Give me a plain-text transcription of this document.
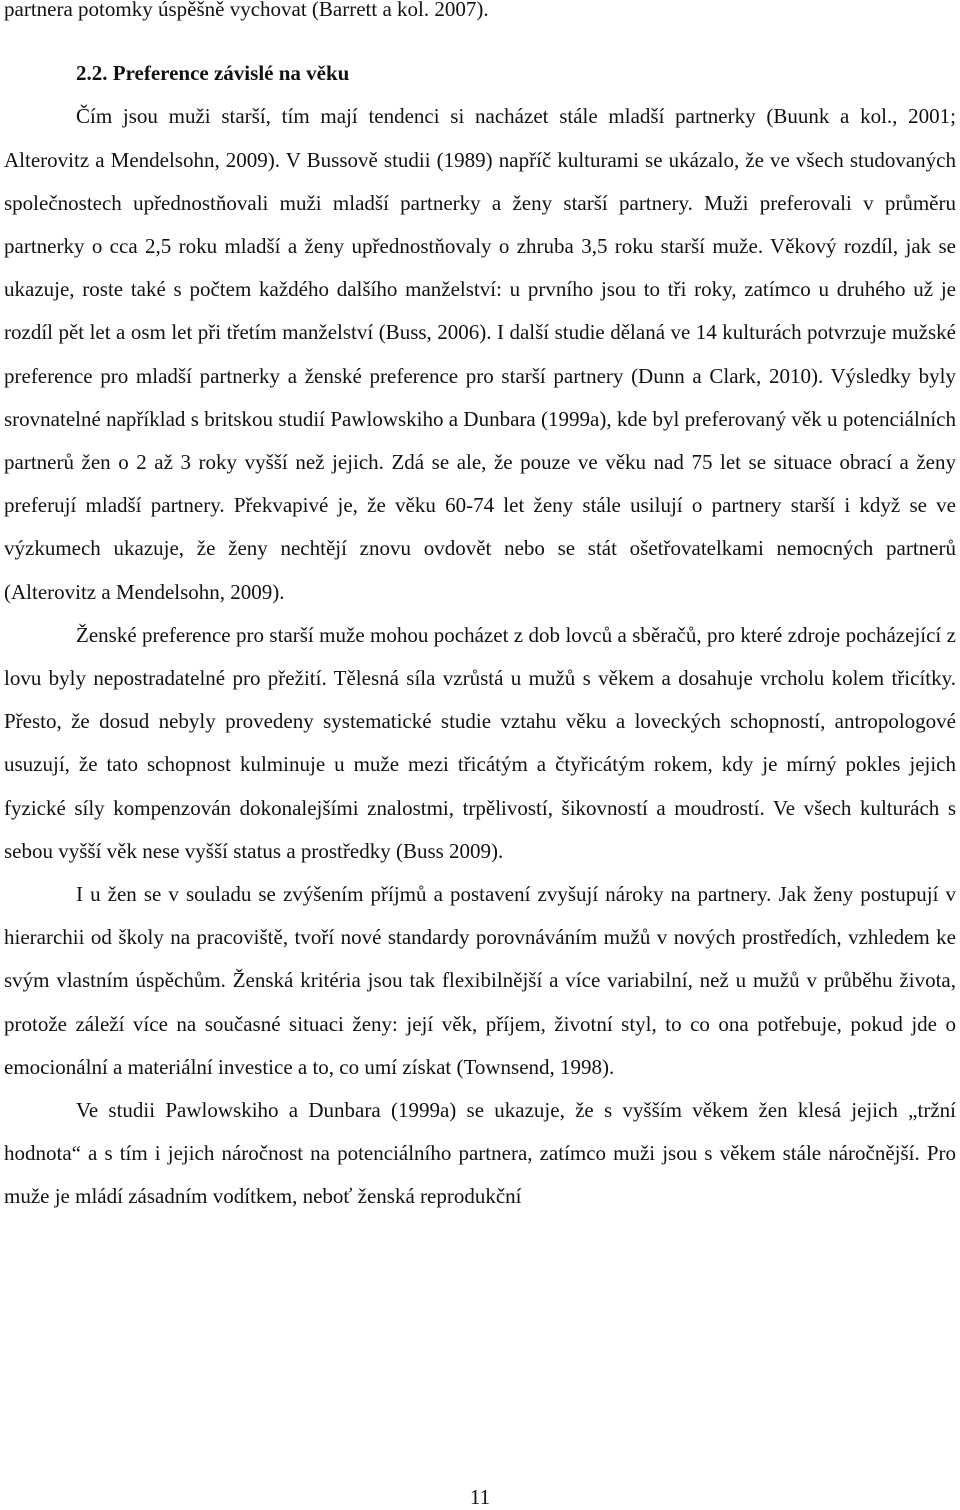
partnera potomky úspěšně vychovat (Barrett a kol. 2007).

2.2. Preference závislé na věku

Čím jsou muži starší, tím mají tendenci si nacházet stále mladší partnerky (Buunk a kol., 2001; Alterovitz a Mendelsohn, 2009). V Bussově studii (1989) napříč kulturami se ukázalo, že ve všech studovaných společnostech upřednostňovali muži mladší partnerky a ženy starší partnery. Muži preferovali v průměru partnerky o cca 2,5 roku mladší a ženy upřednostňovaly o zhruba 3,5 roku starší muže. Věkový rozdíl, jak se ukazuje, roste také s počtem každého dalšího manželství: u prvního jsou to tři roky, zatímco u druhého už je rozdíl pět let a osm let při třetím manželství (Buss, 2006). I další studie dělaná ve 14 kulturách potvrzuje mužské preference pro mladší partnerky a ženské preference pro starší partnery (Dunn a Clark, 2010). Výsledky byly srovnatelné například s britskou studií Pawlowskiho a Dunbara (1999a), kde byl preferovaný věk u potenciálních partnerů žen o 2 až 3 roky vyšší než jejich. Zdá se ale, že pouze ve věku nad 75 let se situace obrací a ženy preferují mladší partnery. Překvapivé je, že věku 60-74 let ženy stále usilují o partnery starší i když se ve výzkumech ukazuje, že ženy nechtějí znovu ovdovět nebo se stát ošetřovatelkami nemocných partnerů (Alterovitz a Mendelsohn, 2009).

Ženské preference pro starší muže mohou pocházet z dob lovců a sběračů, pro které zdroje pocházející z lovu byly nepostradatelné pro přežití. Tělesná síla vzrůstá u mužů s věkem a dosahuje vrcholu kolem třicítky. Přesto, že dosud nebyly provedeny systematické studie vztahu věku a loveckých schopností, antropologové usuzují, že tato schopnost kulminuje u muže mezi třicátým a čtyřicátým rokem, kdy je mírný pokles jejich fyzické síly kompenzován dokonalejšími znalostmi, trpělivostí, šikovností a moudrostí. Ve všech kulturách s sebou vyšší věk nese vyšší status a prostředky (Buss 2009).

I u žen se v souladu se zvýšením příjmů a postavení zvyšují nároky na partnery. Jak ženy postupují v hierarchii od školy na pracoviště, tvoří nové standardy porovnáváním mužů v nových prostředích, vzhledem ke svým vlastním úspěchům. Ženská kritéria jsou tak flexibilnější a více variabilní, než u mužů v průběhu života, protože záleží více na současné situaci ženy: její věk, příjem, životní styl, to co ona potřebuje, pokud jde o emocionální a materiální investice a to, co umí získat (Townsend, 1998).

Ve studii Pawlowskiho a Dunbara (1999a) se ukazuje, že s vyšším věkem žen klesá jejich „tržní hodnota“ a s tím i jejich náročnost na potenciálního partnera, zatímco muži jsou s věkem stále náročnější. Pro muže je mládí zásadním vodítkem, neboť ženská reprodukční

11
